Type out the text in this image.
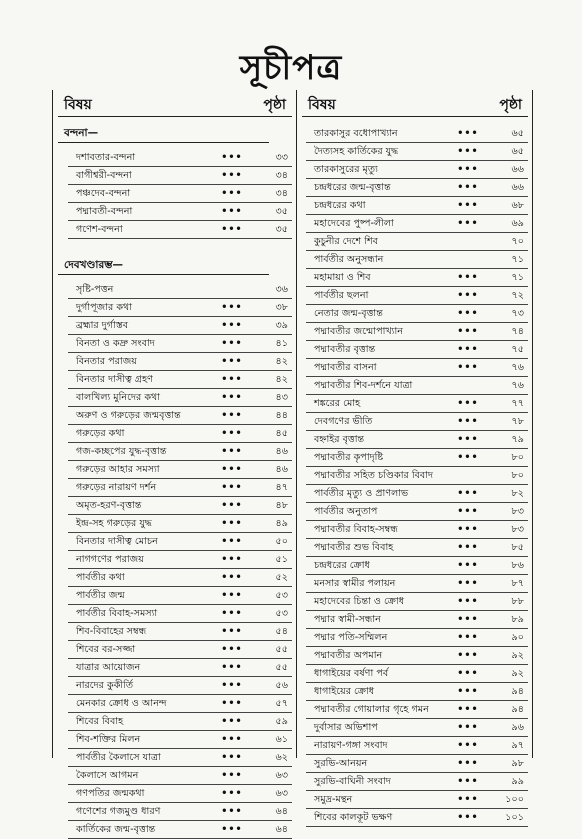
সূচীপত্র
বিষয়	পৃষ্ঠা
বন্দনা—
দশাবতার-বন্দনা	•••	৩৩
বাগীশ্বরী-বন্দনা	•••	৩৪
পঞ্চদেব-বন্দনা	•••	৩৪
পদ্মাবতী-বন্দনা	•••	৩৫
গণেশ-বন্দনা	•••	৩৫
দেবখণ্ডারম্ভ—
সৃষ্টি-পত্তন	৩৬
দুর্গাপূজার কথা	•••	৩৮
ব্রহ্মার দুর্গাস্তব	•••	৩৯
বিনতা ও কদ্রু সংবাদ	•••	৪১
বিনতার পরাজয়	•••	৪২
বিনতার দাসীত্ব গ্রহণ	•••	৪২
বালখিল্য মুনিদের কথা	•••	৪৩
অরুণ ও গরুড়ের জন্মবৃত্তান্ত	•••	৪৪
গরুড়ের কথা	•••	৪৫
গজ-কচ্ছপের যুদ্ধ-বৃত্তান্ত	•••	৪৬
গরুড়ের আহার সমস্যা	•••	৪৬
গরুড়ের নারায়ণ দর্শন	•••	৪৭
অমৃত-হরণ-বৃত্তান্ত	•••	৪৮
ইন্দ্র-সহ গরুড়ের যুদ্ধ	•••	৪৯
বিনতার দাসীত্ব মোচন	•••	৫০
নাগগণের পরাজয়	•••	৫১
পার্বতীর কথা	•••	৫২
পার্বতীর জন্ম	•••	৫৩
পার্বতীর বিবাহ-সমস্যা	•••	৫৩
শিব-বিবাহের সম্বন্ধ	•••	৫৪
শিবের বর-সজ্জা	•••	৫৫
যাত্রার আয়োজন	•••	৫৫
নারদের কুকীর্তি	•••	৫৬
মেনকার ক্রোধ ও আনন্দ	•••	৫৭
শিবের বিবাহ	•••	৫৯
শিব-শক্তির মিলন	•••	৬১
পার্বতীর কৈলাসে যাত্রা	•••	৬২
কৈলাসে আগমন	•••	৬৩
গণপতির জন্মকথা	•••	৬৩
গণেশের গজমুণ্ড ধারণ	•••	৬৪
কার্তিকের জন্ম-বৃত্তান্ত	•••	৬৪
বিষয়	পৃষ্ঠা
তারকাসুর বধোপাখ্যান	•••	৬৫
দৈত্যসহ কার্তিকের যুদ্ধ	•••	৬৫
তারকাসুরের মৃত্যু	•••	৬৬
চন্দ্রধরের জন্ম-বৃত্তান্ত	•••	৬৬
চন্দ্রধরের কথা	•••	৬৮
মহাদেবের পুষ্প-লীলা	•••	৬৯
কুচুনীর দেশে শিব	৭০
পার্বতীর অনুসন্ধান	৭১
মহামায়া ও শিব	•••	৭১
পার্বতীর ছলনা	•••	৭২
নেতার জন্ম-বৃত্তান্ত	•••	৭৩
পদ্মাবতীর জন্মোপাখ্যান	•••	৭৪
পদ্মাবতীর বৃত্তান্ত	•••	৭৫
পদ্মাবতীর বাসনা	•••	৭৬
পদ্মাবতীর শিব-দর্শনে যাত্রা	৭৬
শঙ্করের মোহ	•••	৭৭
দেবগণের ভীতি	•••	৭৮
বহ্নাইর বৃত্তান্ত	•••	৭৯
পদ্মাবতীর কৃপাদৃষ্টি	•••	৮০
পদ্মাবতীর সহিত চণ্ডিকার বিবাদ	৮০
পার্বতীর মৃত্যু ও প্রাণলাভ	•••	৮২
পার্বতীর অনুতাপ	•••	৮৩
পদ্মাবতীর বিবাহ-সম্বন্ধ	•••	৮৩
পদ্মাবতীর শুভ বিবাহ	•••	৮৫
চন্দ্রধরের ক্রোধ	•••	৮৬
মনসার স্বামীর পলায়ন	•••	৮৭
মহাদেবের চিন্তা ও ক্রোধ	•••	৮৮
পদ্মার স্বামী-সন্ধান	•••	৮৯
পদ্মার পতি-সম্মিলন	•••	৯০
পদ্মাবতীর অপমান	•••	৯২
ধাগাইয়ের বর্ষণা পর্ব	•••	৯২
ধাগাইয়ের ক্রোধ	•••	৯৪
পদ্মাবতীর গোয়ালার গৃহে গমন	•••	৯৪
দুর্বাসার অভিশাপ	•••	৯৬
নারায়ণ-গঙ্গা সংবাদ	•••	৯৭
সুরভি-আনয়ন	•••	৯৮
সুরভি-বাঘিনী সংবাদ	•••	৯৯
সমুদ্র-মন্থন	•••	১০০
শিবের কালকূট ভক্ষণ	•••	১০১
